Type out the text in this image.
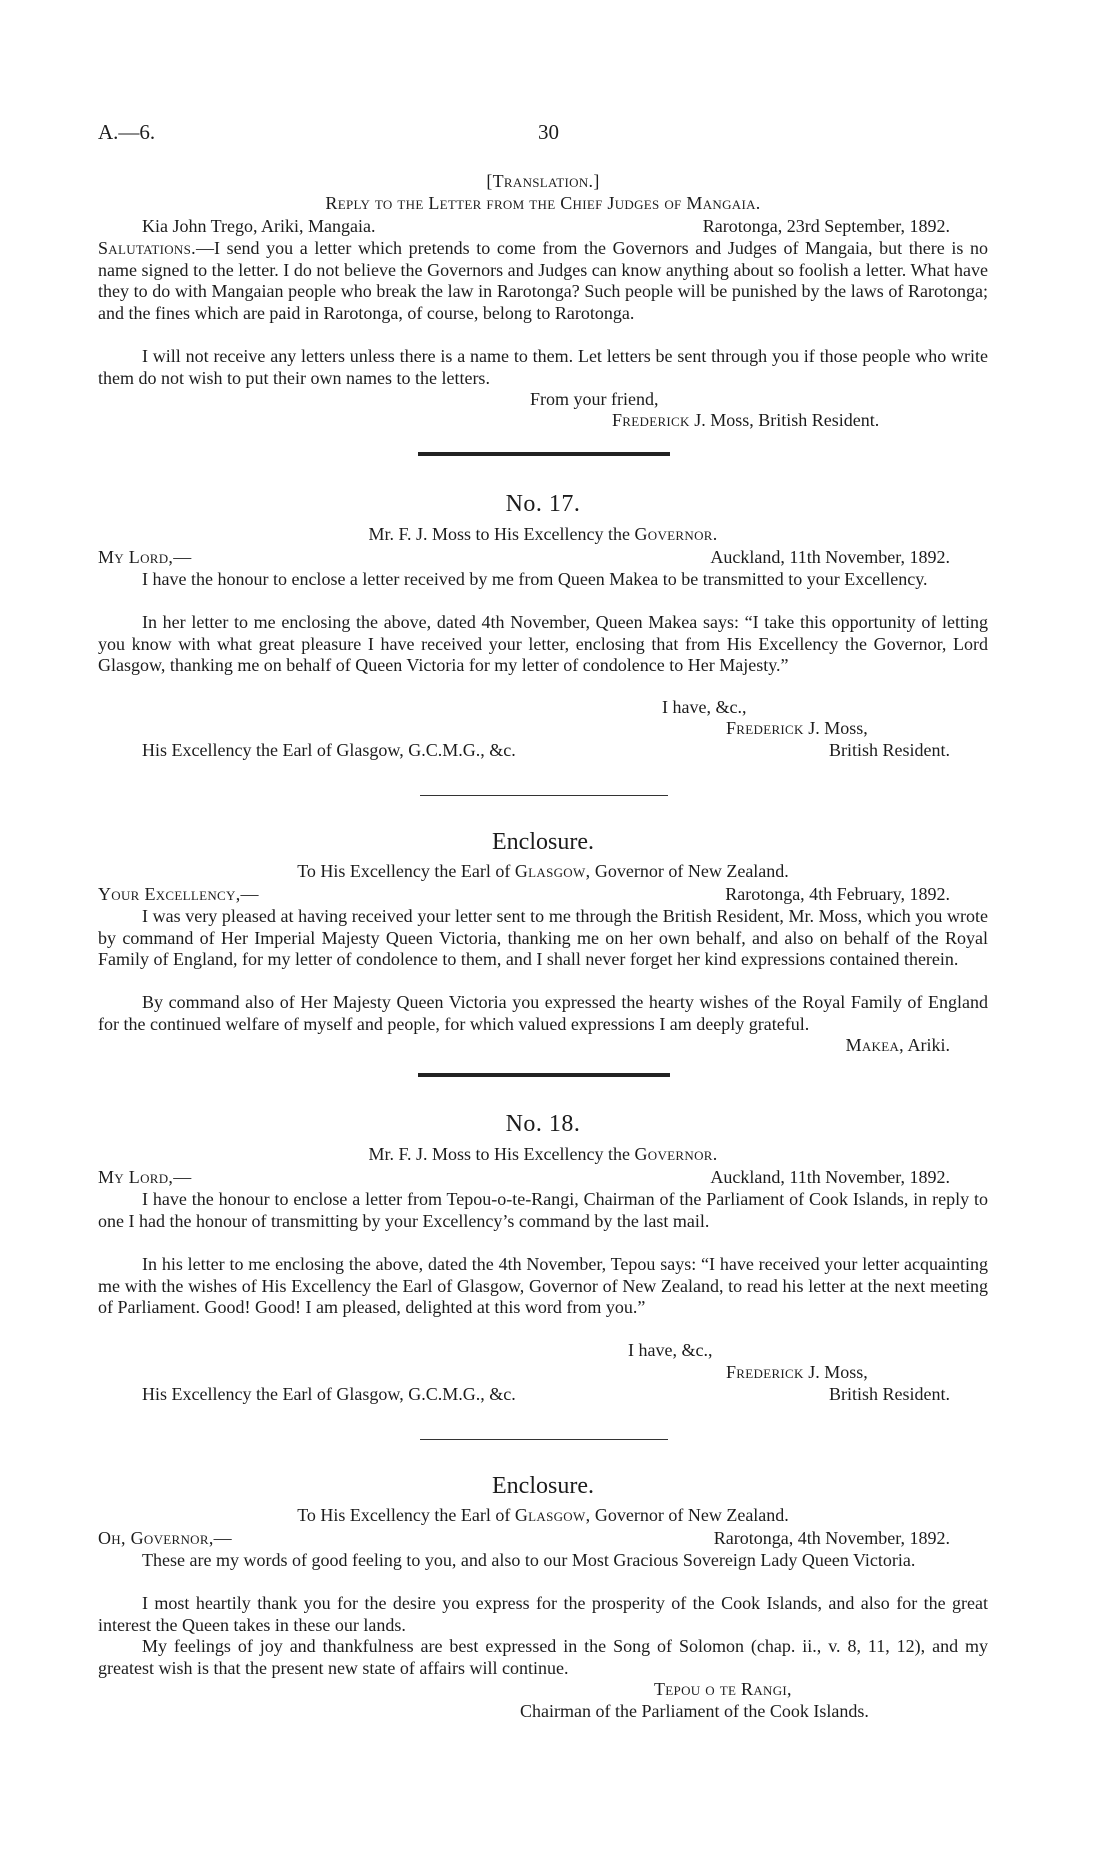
A.—6.	30
[Translation.]
Reply to the Letter from the Chief Judges of Mangaia.
Kia John Trego, Ariki, Mangaia.	Rarotonga, 23rd September, 1892.
Salutations.—I send you a letter which pretends to come from the Governors and Judges of Mangaia, but there is no name signed to the letter. I do not believe the Governors and Judges can know anything about so foolish a letter. What have they to do with Mangaian people who break the law in Rarotonga? Such people will be punished by the laws of Rarotonga; and the fines which are paid in Rarotonga, of course, belong to Rarotonga.
I will not receive any letters unless there is a name to them. Let letters be sent through you if those people who write them do not wish to put their own names to the letters.
From your friend,
Frederick J. Moss, British Resident.
No. 17.
Mr. F. J. Moss to His Excellency the Governor.
My Lord,—	Auckland, 11th November, 1892.
I have the honour to enclose a letter received by me from Queen Makea to be transmitted to your Excellency.
In her letter to me enclosing the above, dated 4th November, Queen Makea says: “I take this opportunity of letting you know with what great pleasure I have received your letter, enclosing that from His Excellency the Governor, Lord Glasgow, thanking me on behalf of Queen Victoria for my letter of condolence to Her Majesty.”
I have, &c.,
Frederick J. Moss,
His Excellency the Earl of Glasgow, G.C.M.G., &c.	British Resident.
Enclosure.
To His Excellency the Earl of Glasgow, Governor of New Zealand.
Your Excellency,—	Rarotonga, 4th February, 1892.
I was very pleased at having received your letter sent to me through the British Resident, Mr. Moss, which you wrote by command of Her Imperial Majesty Queen Victoria, thanking me on her own behalf, and also on behalf of the Royal Family of England, for my letter of condolence to them, and I shall never forget her kind expressions contained therein.
By command also of Her Majesty Queen Victoria you expressed the hearty wishes of the Royal Family of England for the continued welfare of myself and people, for which valued expressions I am deeply grateful.
Makea, Ariki.
No. 18.
Mr. F. J. Moss to His Excellency the Governor.
My Lord,—	Auckland, 11th November, 1892.
I have the honour to enclose a letter from Tepou-o-te-Rangi, Chairman of the Parliament of Cook Islands, in reply to one I had the honour of transmitting by your Excellency’s command by the last mail.
In his letter to me enclosing the above, dated the 4th November, Tepou says: “I have received your letter acquainting me with the wishes of His Excellency the Earl of Glasgow, Governor of New Zealand, to read his letter at the next meeting of Parliament. Good! Good! I am pleased, delighted at this word from you.”
I have, &c.,
Frederick J. Moss,
His Excellency the Earl of Glasgow, G.C.M.G., &c.	British Resident.
Enclosure.
To His Excellency the Earl of Glasgow, Governor of New Zealand.
Oh, Governor,—	Rarotonga, 4th November, 1892.
These are my words of good feeling to you, and also to our Most Gracious Sovereign Lady Queen Victoria.
I most heartily thank you for the desire you express for the prosperity of the Cook Islands, and also for the great interest the Queen takes in these our lands.
My feelings of joy and thankfulness are best expressed in the Song of Solomon (chap. ii., v. 8, 11, 12), and my greatest wish is that the present new state of affairs will continue.
Tepou o te Rangi,
Chairman of the Parliament of the Cook Islands.
